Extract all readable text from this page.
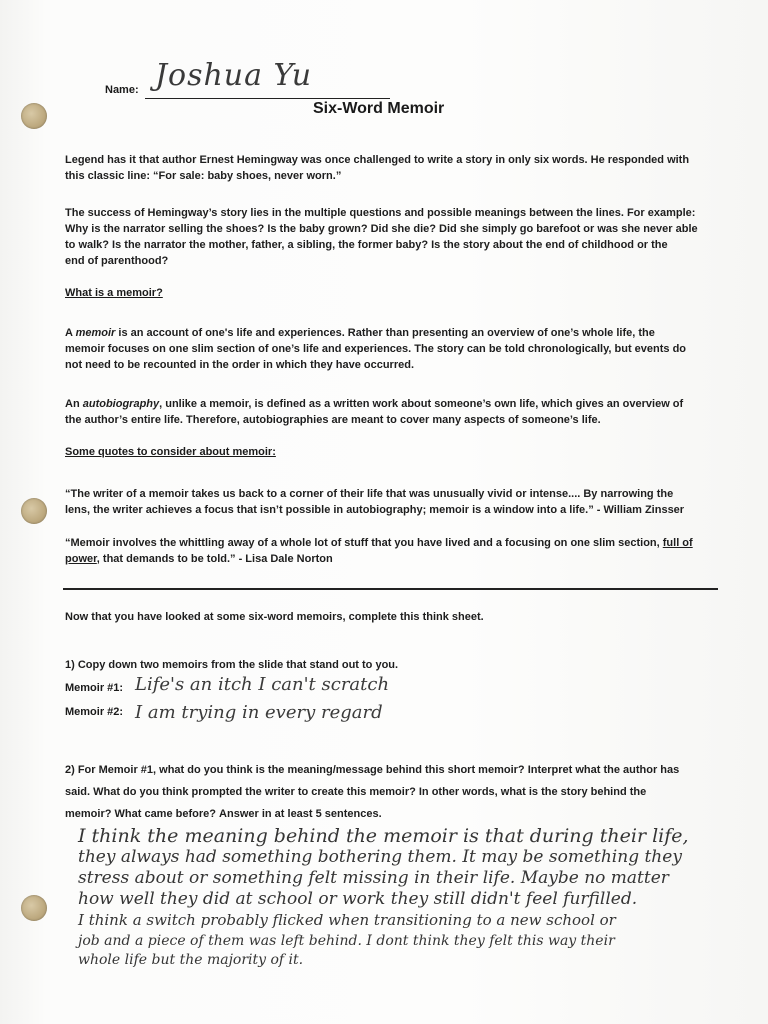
Name: Joshua Yu
Six-Word Memoir
Legend has it that author Ernest Hemingway was once challenged to write a story in only six words. He responded with
this classic line: “For sale: baby shoes, never worn.”
The success of Hemingway’s story lies in the multiple questions and possible meanings between the lines. For example:
Why is the narrator selling the shoes? Is the baby grown? Did she die? Did she simply go barefoot or was she never able
to walk? Is the narrator the mother, father, a sibling, the former baby? Is the story about the end of childhood or the
end of parenthood?
What is a memoir?
A memoir is an account of one's life and experiences. Rather than presenting an overview of one’s whole life, the
memoir focuses on one slim section of one’s life and experiences. The story can be told chronologically, but events do
not need to be recounted in the order in which they have occurred.
An autobiography, unlike a memoir, is defined as a written work about someone’s own life, which gives an overview of
the author’s entire life. Therefore, autobiographies are meant to cover many aspects of someone’s life.
Some quotes to consider about memoir:
“The writer of a memoir takes us back to a corner of their life that was unusually vivid or intense.... By narrowing the
lens, the writer achieves a focus that isn’t possible in autobiography; memoir is a window into a life.” - William Zinsser
“Memoir involves the whittling away of a whole lot of stuff that you have lived and a focusing on one slim section, full of
power, that demands to be told.” - Lisa Dale Norton
Now that you have looked at some six-word memoirs, complete this think sheet.
1) Copy down two memoirs from the slide that stand out to you.
Memoir #1: Life's an itch I can't scratch
Memoir #2: I am trying in every regard
2) For Memoir #1, what do you think is the meaning/message behind this short memoir? Interpret what the author has
said. What do you think prompted the writer to create this memoir? In other words, what is the story behind the
memoir? What came before? Answer in at least 5 sentences.
I think the meaning behind the memoir is that during their life,
they always had something bothering them. It may be something they
stress about or something felt missing in their life. Maybe no matter
how well they did at school or work they still didn't feel furfilled.
I think a switch probably flicked when transitioning to a new school or
job and a piece of them was left behind. I dont think they felt this way their
whole life but the majority of it.
